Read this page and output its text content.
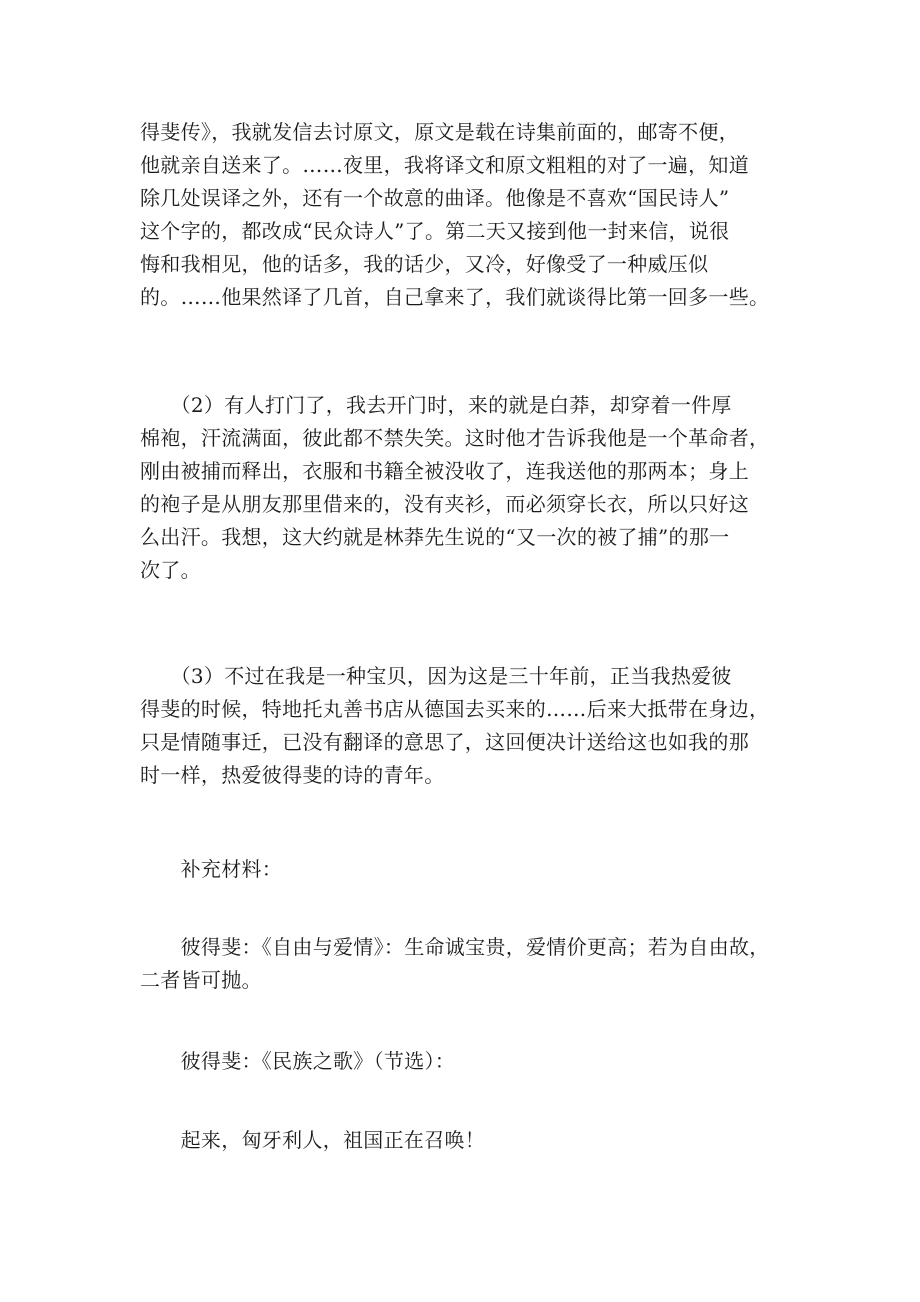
得斐传》，我就发信去讨原文，原文是载在诗集前面的，邮寄不便，
他就亲自送来了。……夜里，我将译文和原文粗粗的对了一遍，知道
除几处误译之外，还有一个故意的曲译。他像是不喜欢“国民诗人”
这个字的，都改成“民众诗人”了。第二天又接到他一封来信，说很
悔和我相见，他的话多，我的话少，又冷，好像受了一种威压似
的。……他果然译了几首，自己拿来了，我们就谈得比第一回多一些。

　　（2）有人打门了，我去开门时，来的就是白莽，却穿着一件厚
棉袍，汗流满面，彼此都不禁失笑。这时他才告诉我他是一个革命者，
刚由被捕而释出，衣服和书籍全被没收了，连我送他的那两本；身上
的袍子是从朋友那里借来的，没有夹衫，而必须穿长衣，所以只好这
么出汗。我想，这大约就是林莽先生说的“又一次的被了捕”的那一
次了。

　　（3）不过在我是一种宝贝，因为这是三十年前，正当我热爱彼
得斐的时候，特地托丸善书店从德国去买来的……后来大抵带在身边，
只是情随事迁，已没有翻译的意思了，这回便决计送给这也如我的那
时一样，热爱彼得斐的诗的青年。

　　补充材料：

　　彼得斐：《自由与爱情》：生命诚宝贵，爱情价更高；若为自由故，
二者皆可抛。

　　彼得斐：《民族之歌》（节选）：

　　起来，匈牙利人，祖国正在召唤！
